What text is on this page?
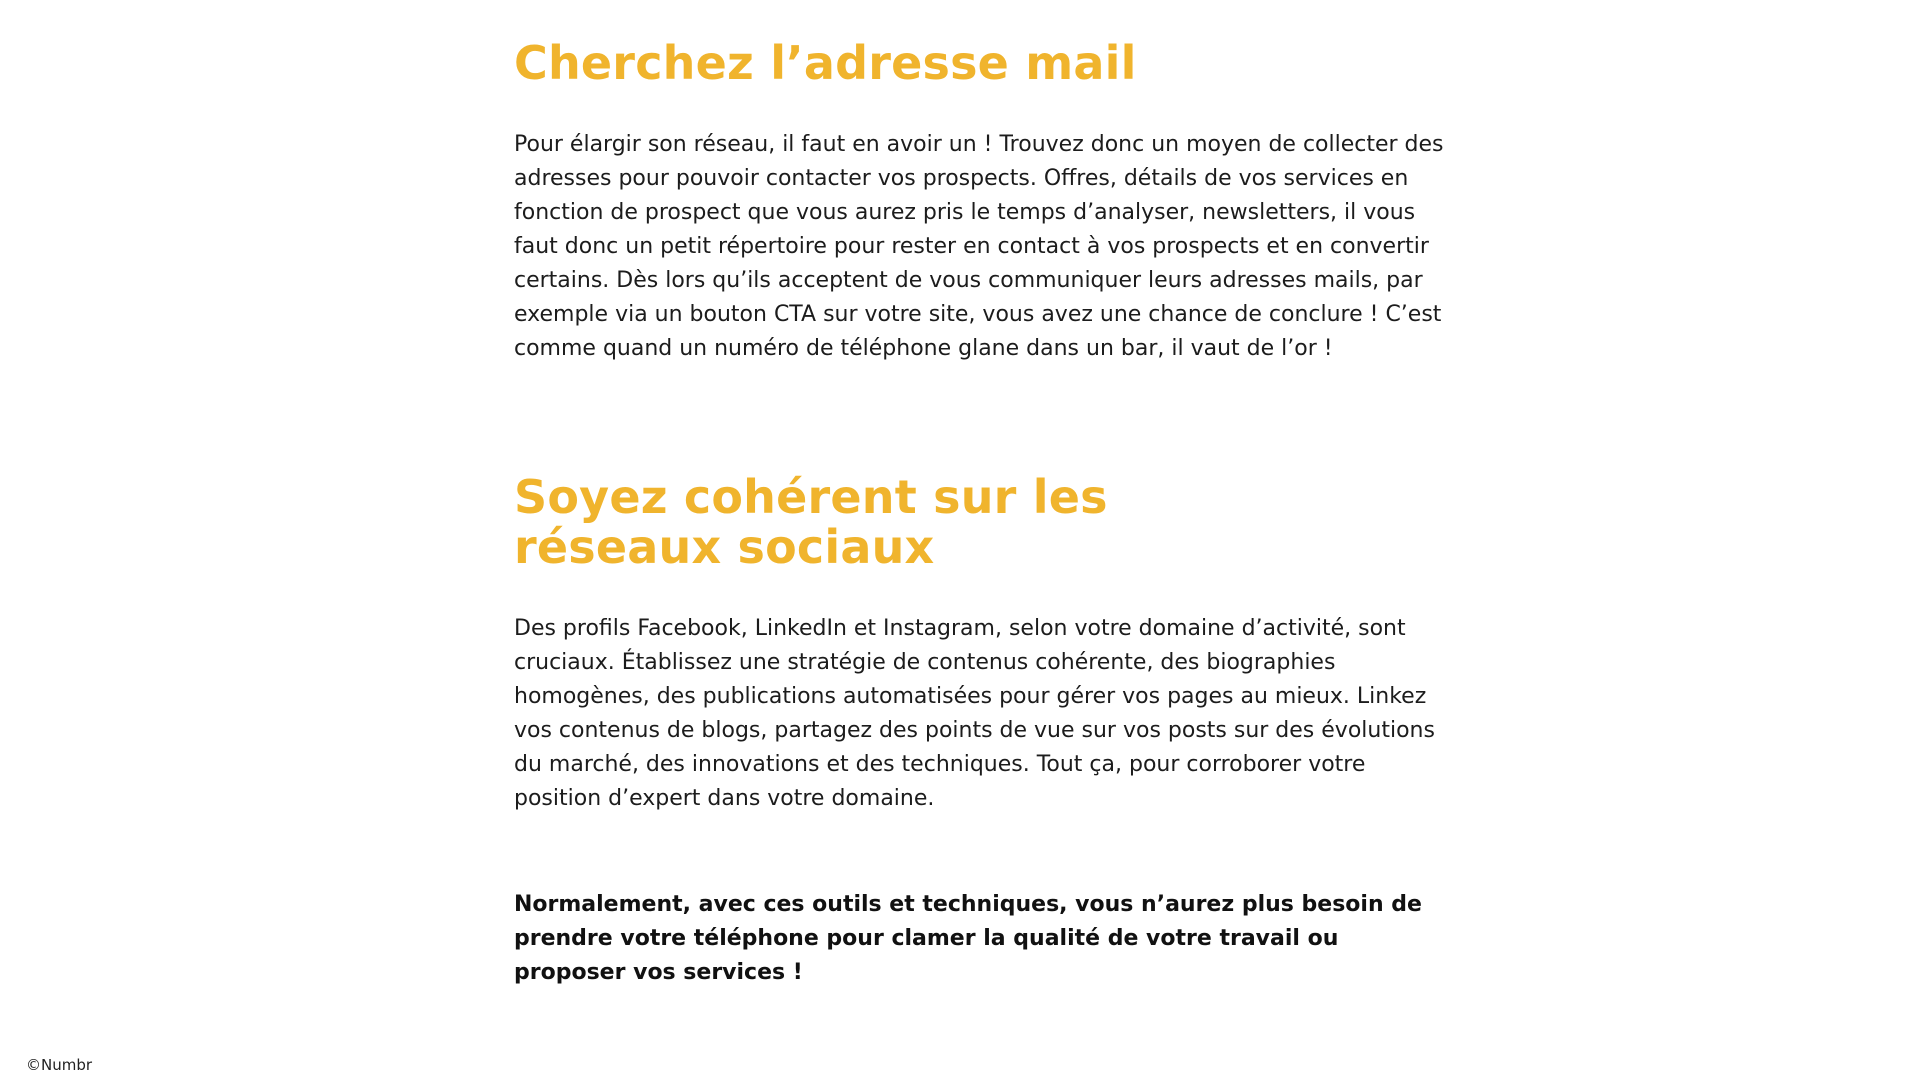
Cherchez l’adresse mail

Pour élargir son réseau, il faut en avoir un ! Trouvez donc un moyen de collecter des adresses pour pouvoir contacter vos prospects. Offres, détails de vos services en fonction de prospect que vous aurez pris le temps d’analyser, newsletters, il vous faut donc un petit répertoire pour rester en contact à vos prospects et en convertir certains. Dès lors qu’ils acceptent de vous communiquer leurs adresses mails, par exemple via un bouton CTA sur votre site, vous avez une chance de conclure ! C’est comme quand un numéro de téléphone glane dans un bar, il vaut de l’or !

Soyez cohérent sur les réseaux sociaux

Des profils Facebook, LinkedIn et Instagram, selon votre domaine d’activité, sont cruciaux. Établissez une stratégie de contenus cohérente, des biographies homogènes, des publications automatisées pour gérer vos pages au mieux. Linkez vos contenus de blogs, partagez des points de vue sur vos posts sur des évolutions du marché, des innovations et des techniques. Tout ça, pour corroborer votre position d’expert dans votre domaine.

Normalement, avec ces outils et techniques, vous n’aurez plus besoin de prendre votre téléphone pour clamer la qualité de votre travail ou proposer vos services !

©Numbr
